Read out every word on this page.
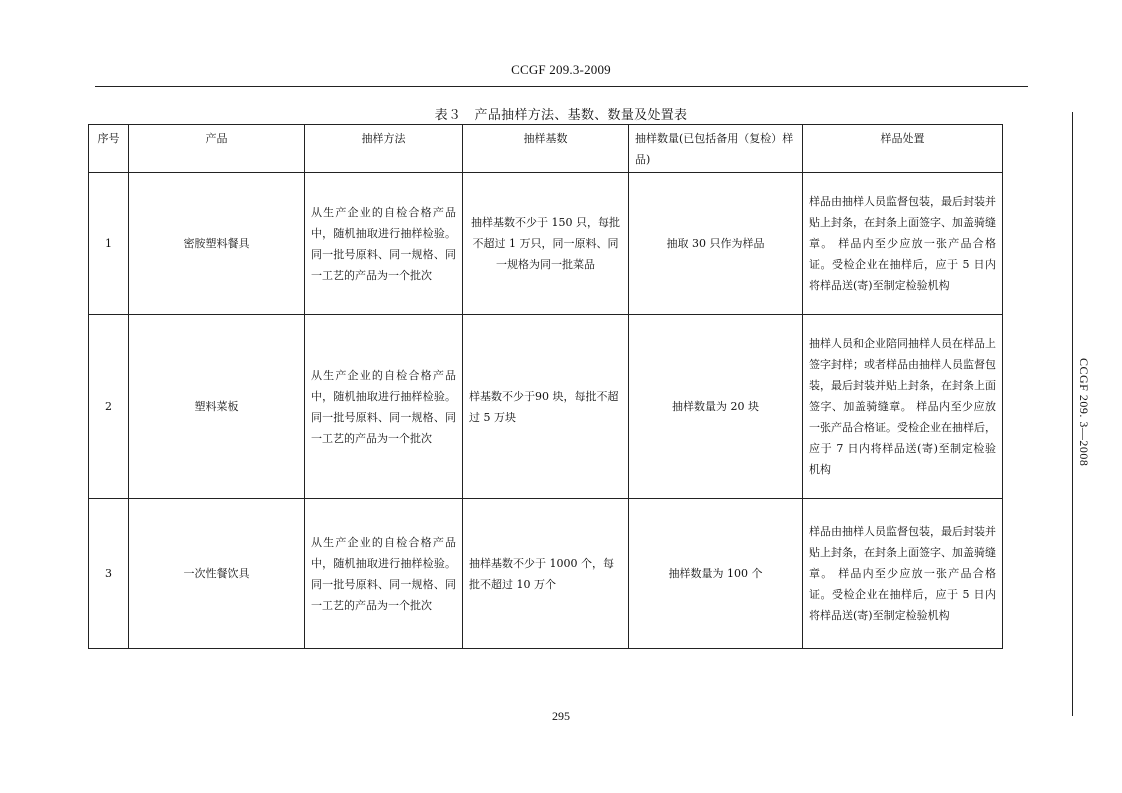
CCGF 209.3-2009
表３　产品抽样方法、基数、数量及处置表
序号	产品	抽样方法	抽样基数	抽样数量(已包括备用（复检）样品)	样品处置
1	密胺塑料餐具	从生产企业的自检合格产品中，随机抽取进行抽样检验。同一批号原料、同一规格、同一工艺的产品为一个批次	抽样基数不少于 150 只，每批不超过 1 万只，同一原料、同一规格为同一批菜品	抽取 30 只作为样品	样品由抽样人员监督包装，最后封装并贴上封条，在封条上面签字、加盖骑缝章。 样品内至少应放一张产品合格证。受检企业在抽样后，应于 5 日内将样品送(寄)至制定检验机构
2	塑料菜板	从生产企业的自检合格产品中，随机抽取进行抽样检验。同一批号原料、同一规格、同一工艺的产品为一个批次	样基数不少于90 块，每批不超过 5 万块	抽样数量为 20 块	抽样人员和企业陪同抽样人员在样品上签字封样；或者样品由抽样人员监督包装，最后封装并贴上封条，在封条上面签字、加盖骑缝章。 样品内至少应放一张产品合格证。受检企业在抽样后， 应于 7 日内将样品送(寄)至制定检验机构
3	一次性餐饮具	从生产企业的自检合格产品中，随机抽取进行抽样检验。同一批号原料、同一规格、同一工艺的产品为一个批次	抽样基数不少于 1000 个，每批不超过 10 万个	抽样数量为 100 个	样品由抽样人员监督包装，最后封装并贴上封条，在封条上面签字、加盖骑缝章。 样品内至少应放一张产品合格证。受检企业在抽样后，应于 5 日内将样品送(寄)至制定检验机构
CCGF 209. 3—2008
295
